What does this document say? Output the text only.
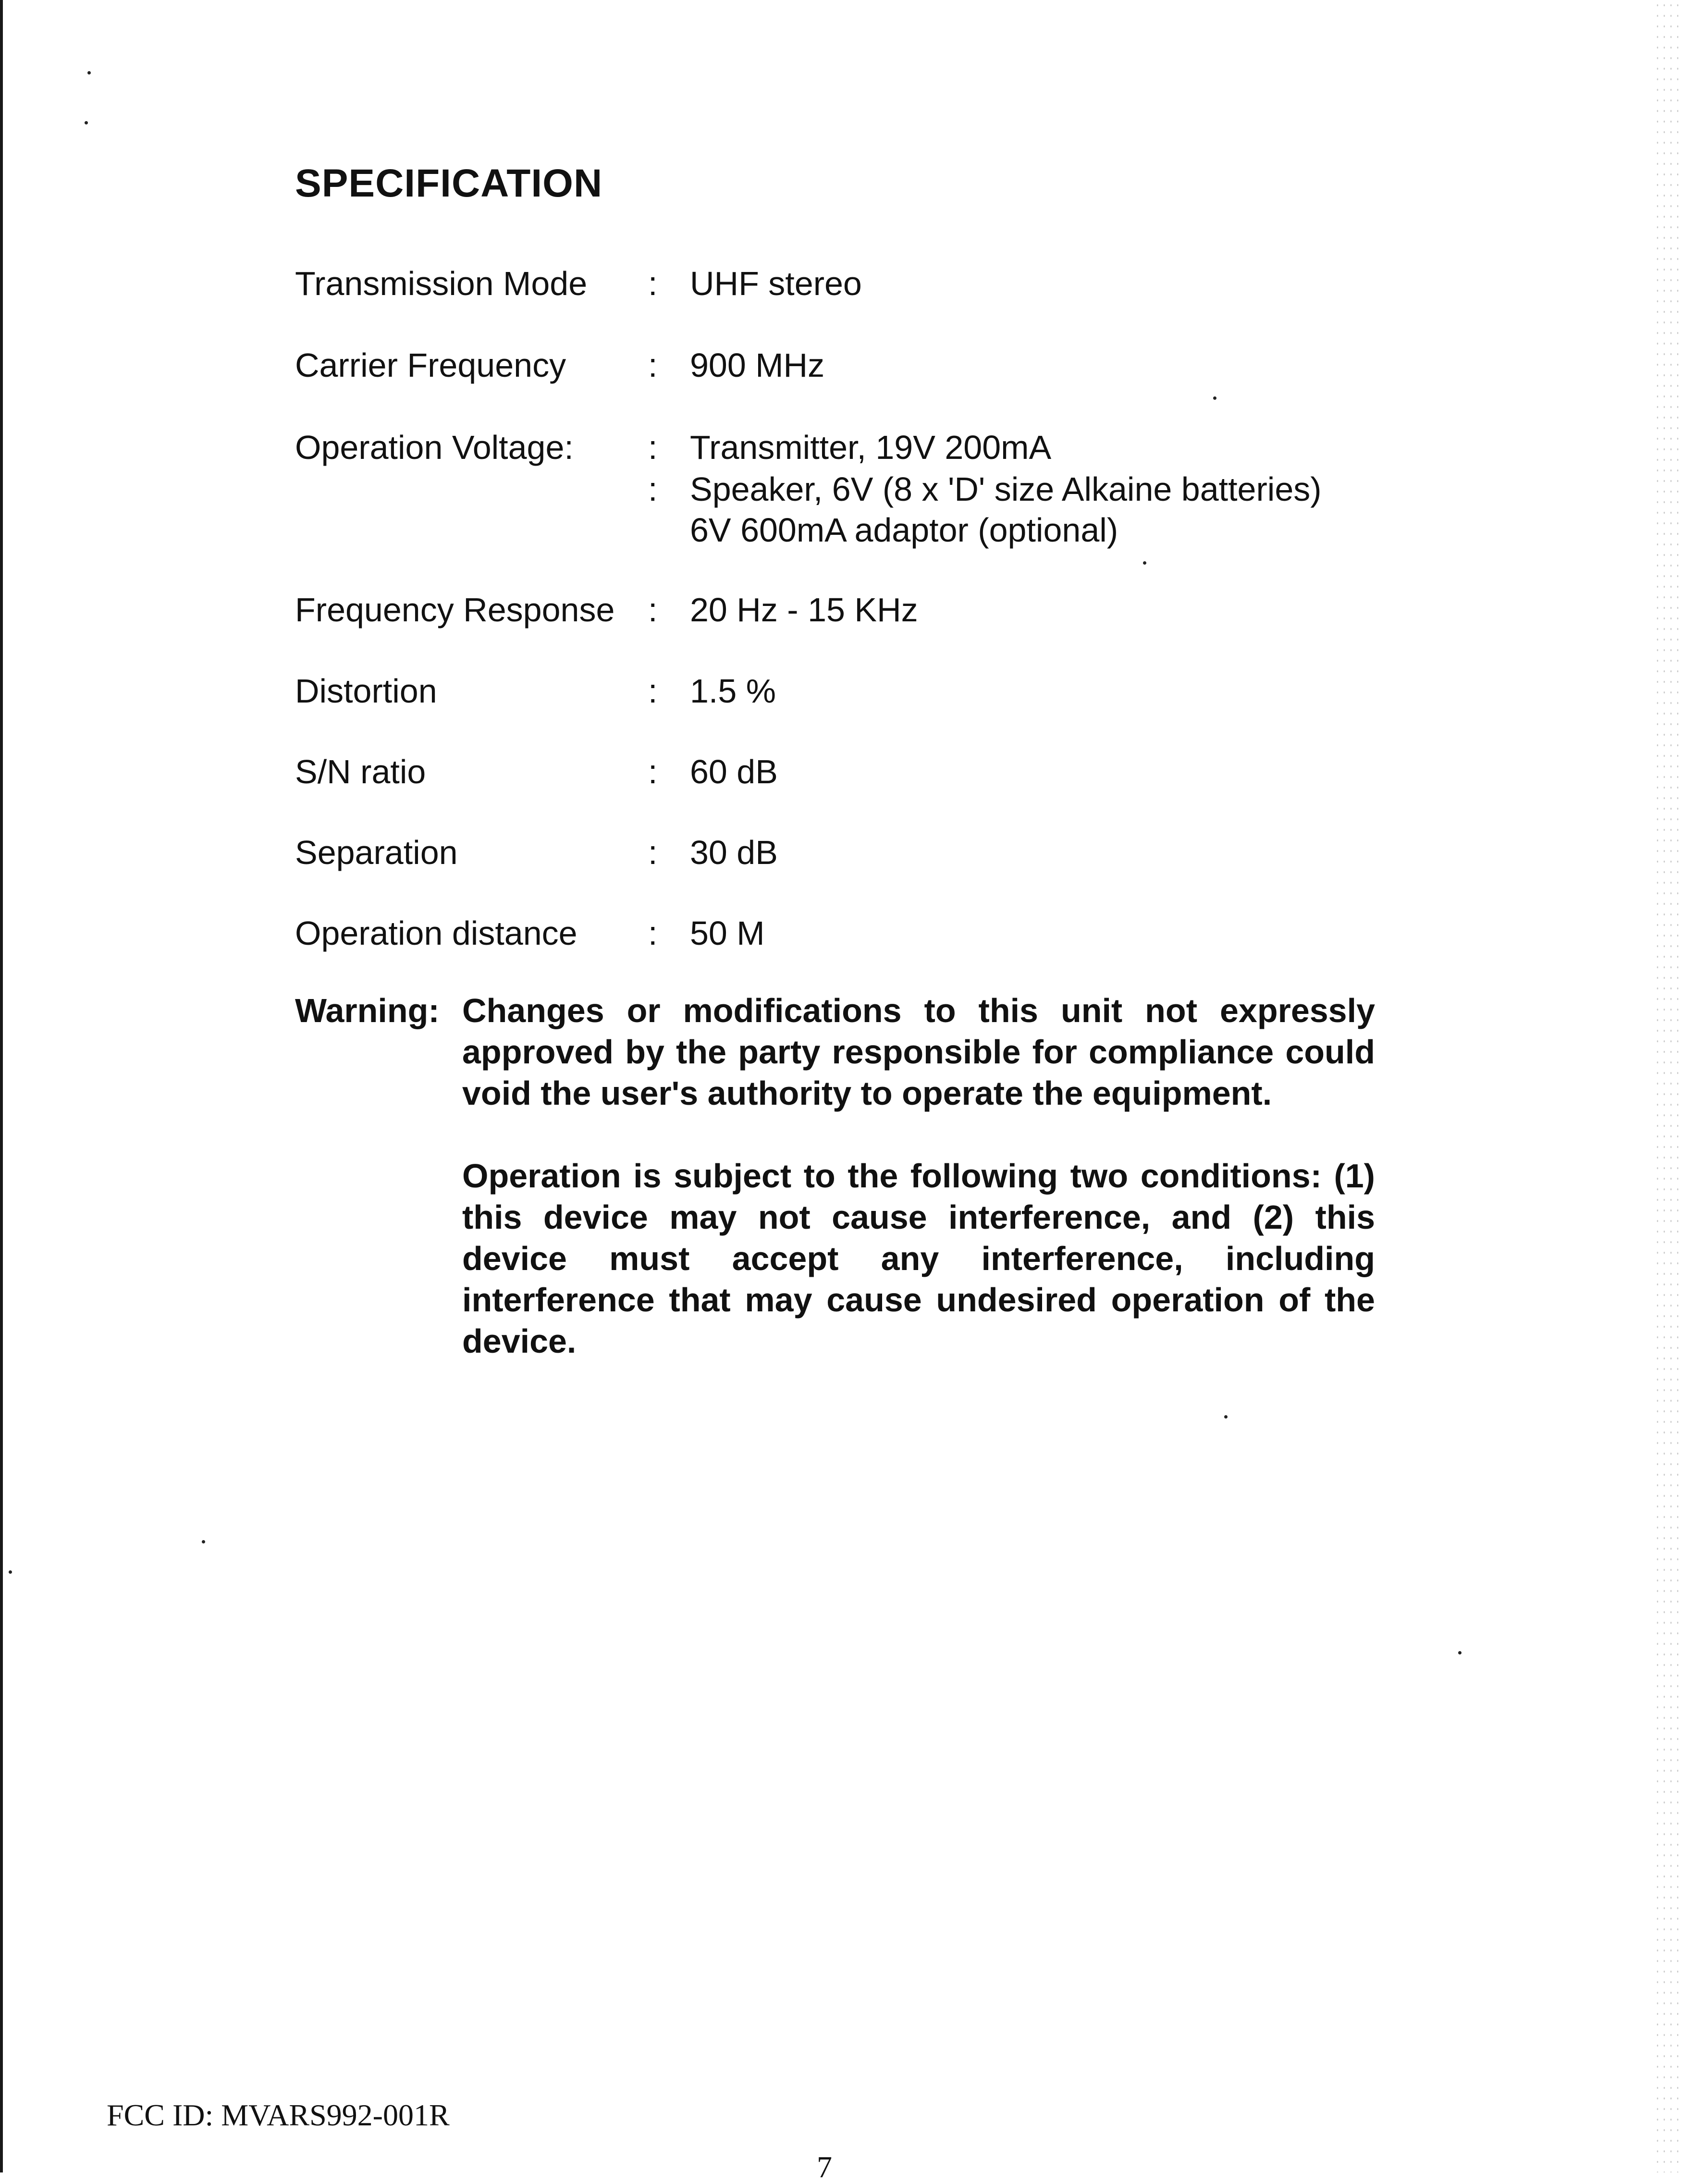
SPECIFICATION
Transmission Mode : UHF stereo
Carrier Frequency : 900 MHz
Operation Voltage: : Transmitter, 19V 200mA
: Speaker, 6V (8 x 'D' size Alkaine batteries)
6V 600mA adaptor (optional)
Frequency Response : 20 Hz - 15 KHz
Distortion	: 1.5 %
S/N ratio	: 60 dB
Separation	: 30 dB
Operation distance : 50 M
Warning: Changes or modifications to this unit not expressly approved by the party responsible for compliance could void the user's authority to operate the equipment.

Operation is subject to the following two conditions: (1) this device may not cause interference, and (2) this device must accept any interference, including interference that may cause undesired operation of the device.

FCC ID: MVARS992-001R
7
